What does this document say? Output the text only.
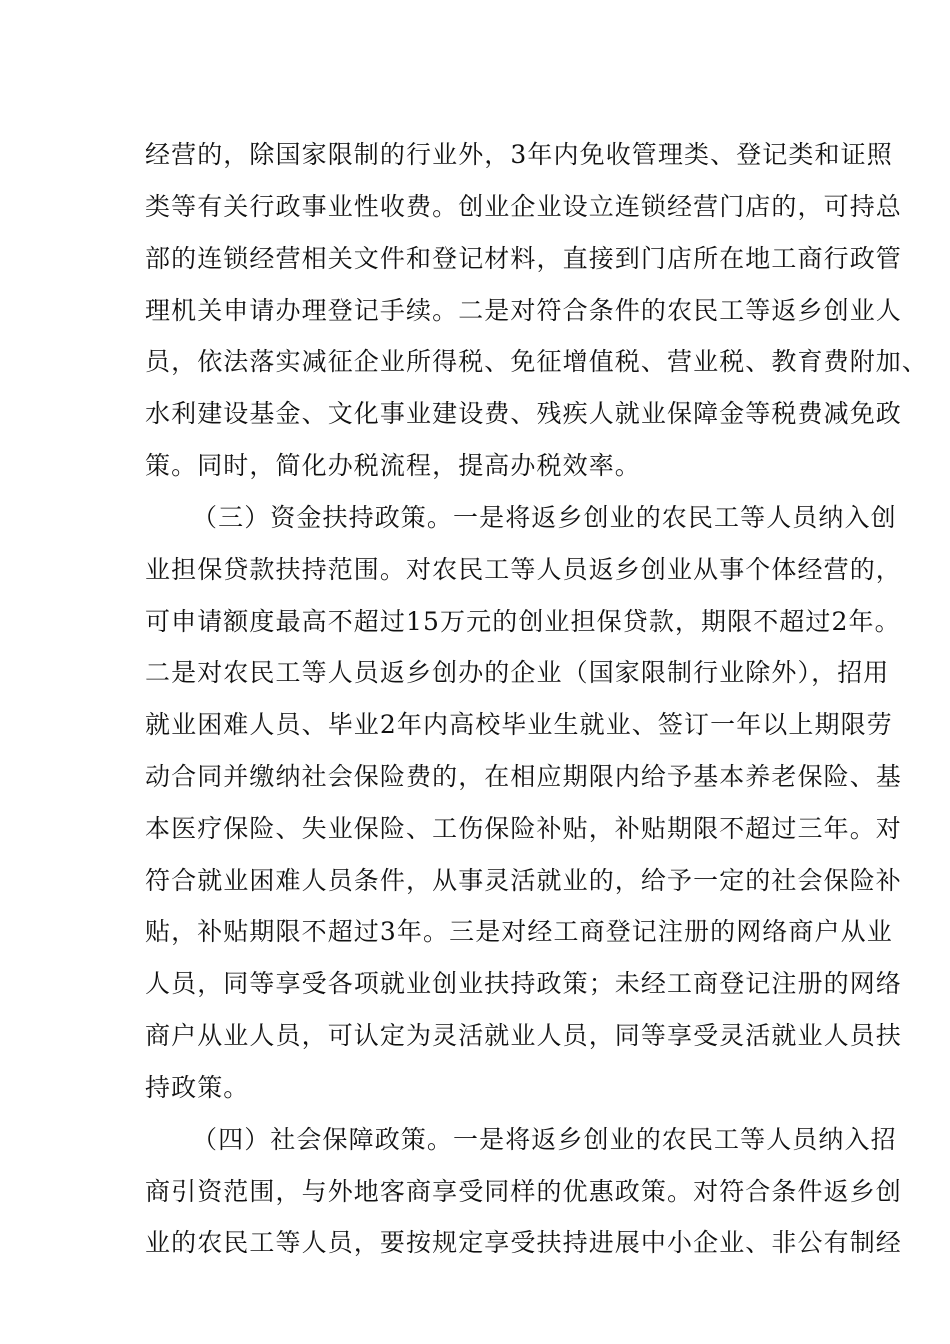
经营的，除国家限制的行业外，3年内免收管理类、登记类和证照
类等有关行政事业性收费。创业企业设立连锁经营门店的，可持总
部的连锁经营相关文件和登记材料，直接到门店所在地工商行政管
理机关申请办理登记手续。二是对符合条件的农民工等返乡创业人
员，依法落实减征企业所得税、免征增值税、营业税、教育费附加、
水利建设基金、文化事业建设费、残疾人就业保障金等税费减免政
策。同时，简化办税流程，提高办税效率。
（三）资金扶持政策。一是将返乡创业的农民工等人员纳入创
业担保贷款扶持范围。对农民工等人员返乡创业从事个体经营的，
可申请额度最高不超过15万元的创业担保贷款，期限不超过2年。
二是对农民工等人员返乡创办的企业（国家限制行业除外），招用
就业困难人员、毕业2年内高校毕业生就业、签订一年以上期限劳
动合同并缴纳社会保险费的，在相应期限内给予基本养老保险、基
本医疗保险、失业保险、工伤保险补贴，补贴期限不超过三年。对
符合就业困难人员条件，从事灵活就业的，给予一定的社会保险补
贴，补贴期限不超过3年。三是对经工商登记注册的网络商户从业
人员，同等享受各项就业创业扶持政策；未经工商登记注册的网络
商户从业人员，可认定为灵活就业人员，同等享受灵活就业人员扶
持政策。
（四）社会保障政策。一是将返乡创业的农民工等人员纳入招
商引资范围，与外地客商享受同样的优惠政策。对符合条件返乡创
业的农民工等人员，要按规定享受扶持进展中小企业、非公有制经
